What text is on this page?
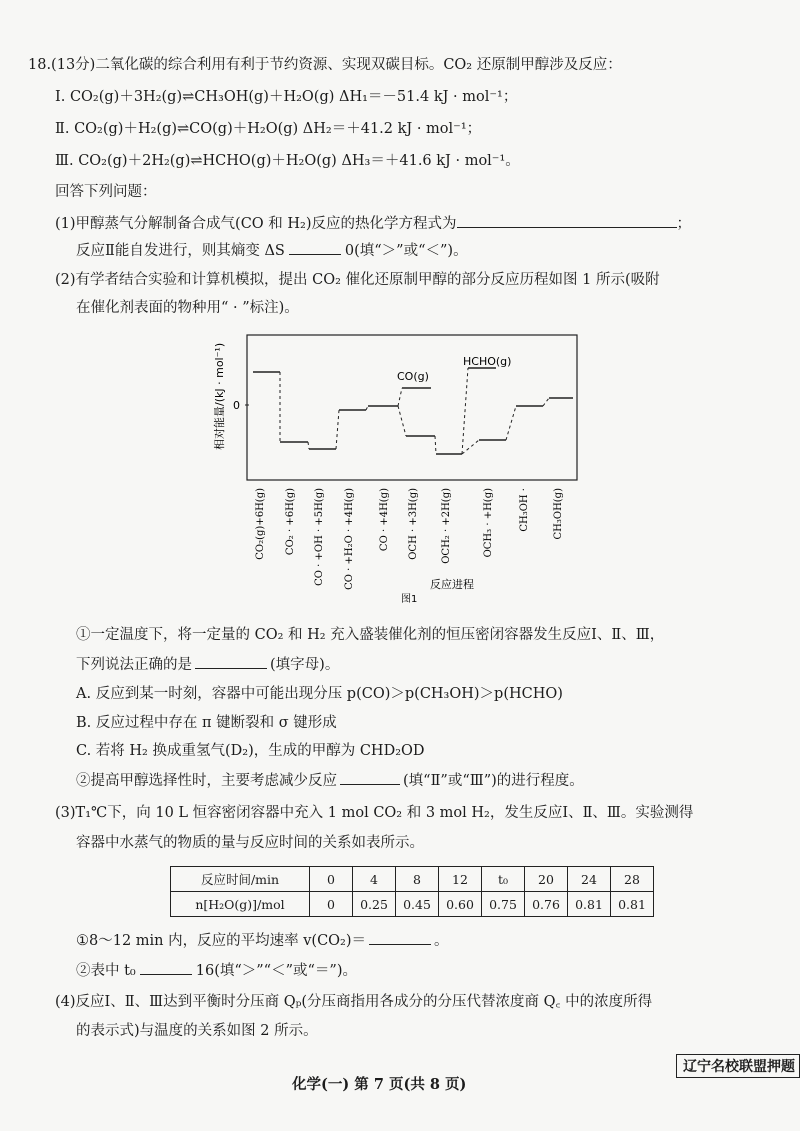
18.(13分)二氧化碳的综合利用有利于节约资源、实现双碳目标。CO₂ 还原制甲醇涉及反应：
Ⅰ. CO₂(g)＋3H₂(g)⇌CH₃OH(g)＋H₂O(g) ΔH₁＝－51.4 kJ · mol⁻¹；
Ⅱ. CO₂(g)＋H₂(g)⇌CO(g)＋H₂O(g) ΔH₂＝＋41.2 kJ · mol⁻¹；
Ⅲ. CO₂(g)＋2H₂(g)⇌HCHO(g)＋H₂O(g) ΔH₃＝＋41.6 kJ · mol⁻¹。
回答下列问题：
(1)甲醇蒸气分解制备合成气(CO 和 H₂)反应的热化学方程式为	；
反应Ⅱ能自发进行，则其熵变 ΔS	0(填“＞”或“＜”)。
(2)有学者结合实验和计算机模拟，提出 CO₂ 催化还原制甲醇的部分反应历程如图 1 所示(吸附
在催化剂表面的物种用“ · ”标注)。
0
相对能量/(kJ · mol⁻¹)	CO(g)
HCHO(g)
CO₂(g)+6H(g) CO₂ · +6H(g) CO · +OH · +5H(g) CO · +H₂O · +4H(g) CO · +4H(g) OCH · +3H(g) OCH₂ · +2H(g)	OCH₃ · +H(g)	CH₃OH · CH₃OH(g)
反应进程
图1
①一定温度下，将一定量的 CO₂ 和 H₂ 充入盛装催化剂的恒压密闭容器发生反应Ⅰ、Ⅱ、Ⅲ，
下列说法正确的是	(填字母)。
A. 反应到某一时刻，容器中可能出现分压 p(CO)＞p(CH₃OH)＞p(HCHO)
B. 反应过程中存在 π 键断裂和 σ 键形成
C. 若将 H₂ 换成重氢气(D₂)，生成的甲醇为 CHD₂OD
②提高甲醇选择性时，主要考虑减少反应	(填“Ⅱ”或“Ⅲ”)的进行程度。
(3)T₁℃下，向 10 L 恒容密闭容器中充入 1 mol CO₂ 和 3 mol H₂，发生反应Ⅰ、Ⅱ、Ⅲ。实验测得
容器中水蒸气的物质的量与反应时间的关系如表所示。
反应时间/min	0	4	8	12	t₀	20	24	28
n[H₂O(g)]/mol	0	0.25	0.45	0.60	0.75	0.76	0.81	0.81
①8～12 min 内，反应的平均速率 v(CO₂)＝	。
②表中 t₀	16(填“＞”“＜”或“＝”)。
(4)反应Ⅰ、Ⅱ、Ⅲ达到平衡时分压商 Qₚ(分压商指用各成分的分压代替浓度商 Q꜀ 中的浓度所得
的表示式)与温度的关系如图 2 所示。
化学(一) 第 7 页(共 8 页)
辽宁名校联盟押题
